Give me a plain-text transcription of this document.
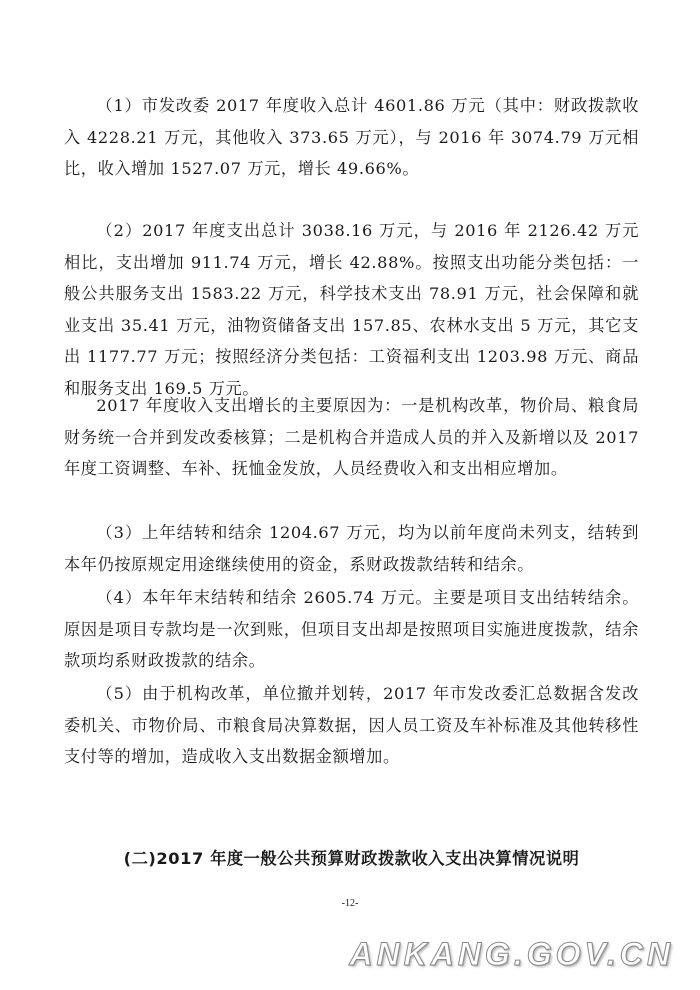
（1）市发改委 2017 年度收入总计 4601.86 万元（其中：财政拨款收入 4228.21 万元，其他收入 373.65 万元），与 2016 年 3074.79 万元相比，收入增加 1527.07 万元，增长 49.66%。

（2）2017 年度支出总计 3038.16 万元，与 2016 年 2126.42 万元相比，支出增加 911.74 万元，增长 42.88%。按照支出功能分类包括：一般公共服务支出 1583.22 万元，科学技术支出 78.91 万元，社会保障和就业支出 35.41 万元，油物资储备支出 157.85、农林水支出 5 万元，其它支出 1177.77 万元；按照经济分类包括：工资福利支出 1203.98 万元、商品和服务支出 169.5 万元。

2017 年度收入支出增长的主要原因为：一是机构改革，物价局、粮食局财务统一合并到发改委核算；二是机构合并造成人员的并入及新增以及 2017 年度工资调整、车补、抚恤金发放，人员经费收入和支出相应增加。

（3）上年结转和结余 1204.67 万元，均为以前年度尚未列支，结转到本年仍按原规定用途继续使用的资金，系财政拨款结转和结余。

（4）本年年末结转和结余 2605.74 万元。主要是项目支出结转结余。原因是项目专款均是一次到账，但项目支出却是按照项目实施进度拨款，结余款项均系财政拨款的结余。

（5）由于机构改革，单位撤并划转，2017 年市发改委汇总数据含发改委机关、市物价局、市粮食局决算数据，因人员工资及车补标准及其他转移性支付等的增加，造成收入支出数据金额增加。

(二)2017 年度一般公共预算财政拨款收入支出决算情况说明
-12-
ANKANG.GOV.CN
